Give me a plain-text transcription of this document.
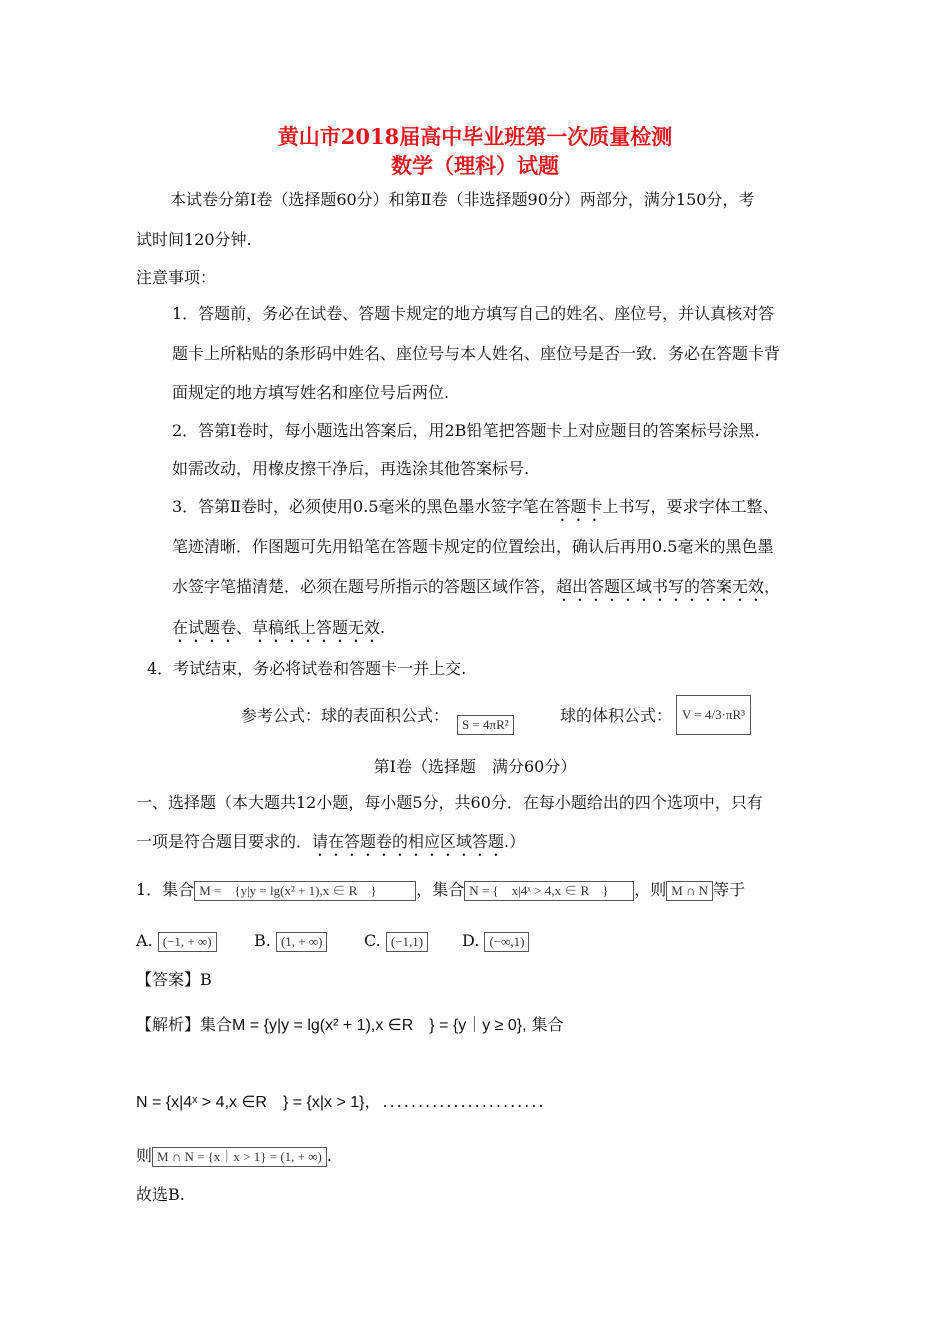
黄山市2018届高中毕业班第一次质量检测
数学（理科）试题
本试卷分第Ⅰ卷（选择题60分）和第Ⅱ卷（非选择题90分）两部分，满分150分，考
试时间120分钟.
注意事项：
1．答题前，务必在试卷、答题卡规定的地方填写自己的姓名、座位号，并认真核对答
题卡上所粘贴的条形码中姓名、座位号与本人姓名、座位号是否一致．务必在答题卡背
面规定的地方填写姓名和座位号后两位.
2．答第Ⅰ卷时，每小题选出答案后，用2B铅笔把答题卡上对应题目的答案标号涂黑.
如需改动，用橡皮擦干净后，再选涂其他答案标号.
3．答第Ⅱ卷时，必须使用0.5毫米的黑色墨水签字笔在答题卡上书写，要求字体工整、
笔迹清晰．作图题可先用铅笔在答题卡规定的位置绘出，确认后再用0.5毫米的黑色墨
水签字笔描清楚．必须在题号所指示的答题区域作答，超出答题区域书写的答案无效，
在试题卷、草稿纸上答题无效.
4．考试结束，务必将试卷和答题卡一并上交.
参考公式：球的表面积公式： S = 4πR²	球的体积公式： V = 4/3·πR³
第Ⅰ卷（选择题　满分60分）
一、选择题（本大题共12小题，每小题5分，共60分．在每小题给出的四个选项中，只有
一项是符合题目要求的．请在答题卷的相应区域答题.）
1．集合 M =　{y|y = lg(x² + 1),x ∈ R　} ，集合 N = {　x|4ˣ > 4,x ∈ R　} ，则 M ∩ N 等于
A. (−1, + ∞)	B. (1, + ∞)	C. (−1,1)	D. (−∞,1)
【答案】B
【解析】集合M = {y|y = lg(x² + 1),x ∈R　} = {y｜y ≥ 0}, 集合
N = {x|4ˣ > 4,x ∈R　} = {x|x > 1}，.......................
则 M ∩ N = {x｜x > 1} = (1, + ∞) .
故选B.
